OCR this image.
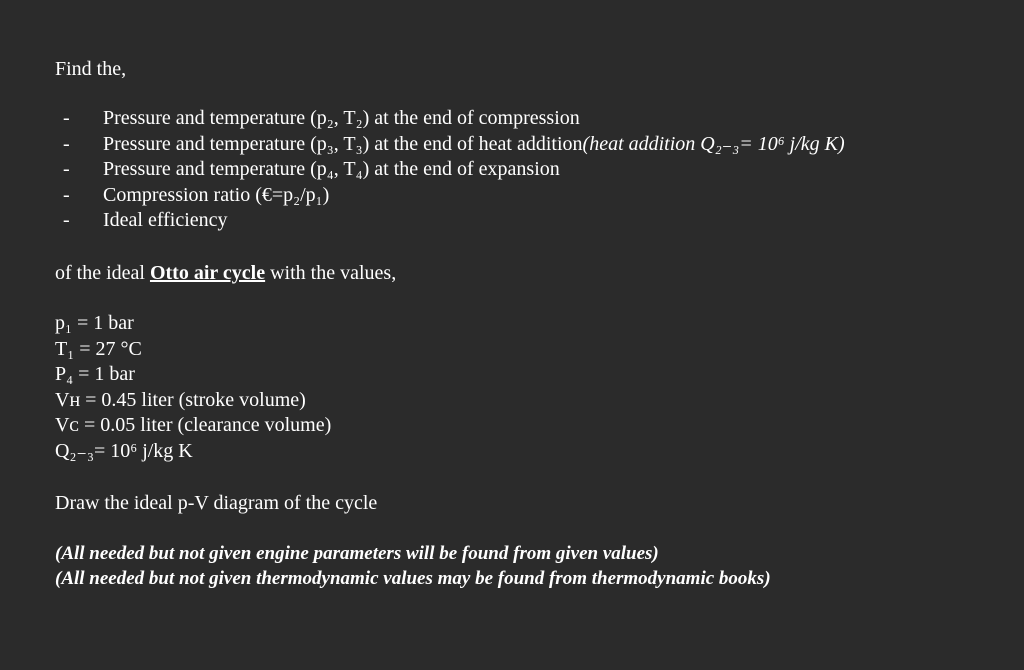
Find the,

-	Pressure and temperature (p₂, T₂) at the end of compression
-	Pressure and temperature (p₃, T₃) at the end of heat addition (heat addition Q₂₋₃= 10⁶ j/kg K)
-	Pressure and temperature (p₄, T₄) at the end of expansion
-	Compression ratio (€=p₂/p₁)
-	Ideal efficiency

of the ideal Otto air cycle with the values,

p₁ = 1 bar
T₁ = 27 °C
P₄ = 1 bar
Vʜ = 0.45 liter (stroke volume)
Vᴄ = 0.05 liter (clearance volume)
Q₂₋₃= 10⁶ j/kg K

Draw the ideal p-V diagram of the cycle

(All needed but not given engine parameters will be found from given values)
(All needed but not given thermodynamic values may be found from thermodynamic books)
